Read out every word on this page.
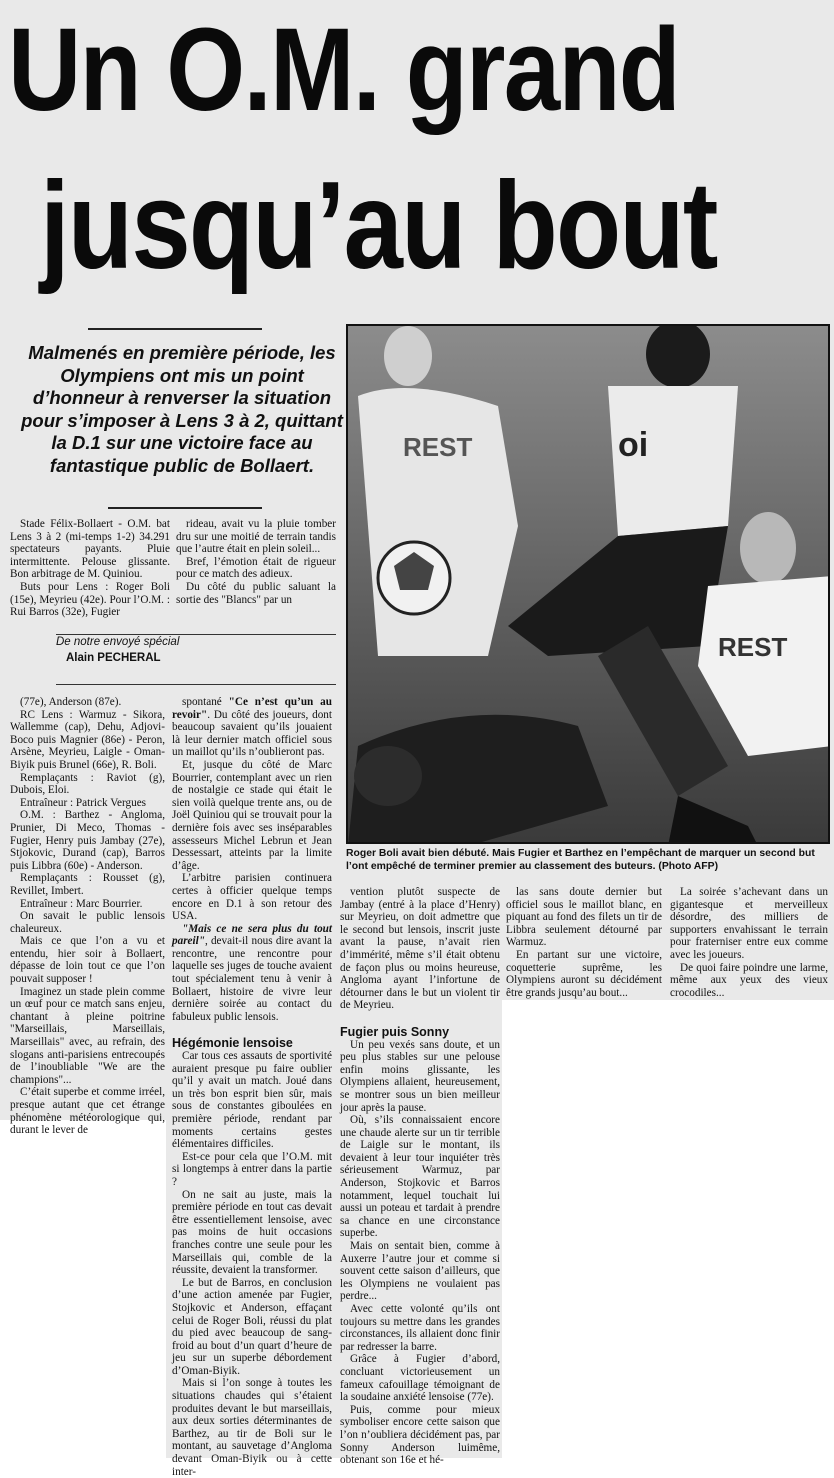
Un O.M. grand
jusqu’au bout

Malmenés en première période, les Olympiens ont mis un point d’honneur à renverser la situation pour s’imposer à Lens 3 à 2, quittant la D.1 sur une victoire face au fantastique public de Bollaert.

Stade Félix-Bollaert - O.M. bat Lens 3 à 2 (mi-temps 1-2) 34.291 spectateurs payants. Pluie intermittente. Pelouse glissante. Bon arbitrage de M. Quiniou.

Buts pour Lens : Roger Boli (15e), Meyrieu (42e). Pour l’O.M. : Rui Barros (32e), Fugier

rideau, avait vu la pluie tomber dru sur une moitié de terrain tandis que l’autre était en plein soleil...

Bref, l’émotion était de rigueur pour ce match des adieux.

Du côté du public saluant la sortie des "Blancs" par un

De notre envoyé spécial

Alain PECHERAL

(77e), Anderson (87e).

RC Lens : Warmuz - Sikora, Wallemme (cap), Dehu, Adjovi-Boco puis Magnier (86e) - Peron, Arsène, Meyrieu, Laigle - Oman-Biyik puis Brunel (66e), R. Boli.

Remplaçants : Raviot (g), Dubois, Eloi.

Entraîneur : Patrick Vergues

O.M. : Barthez - Angloma, Prunier, Di Meco, Thomas - Fugier, Henry puis Jambay (27e), Stjokovic, Durand (cap), Barros puis Libbra (60e) - Anderson.

Remplaçants : Rousset (g), Revillet, Imbert.

Entraîneur : Marc Bourrier.

On savait le public lensois chaleureux.

Mais ce que l’on a vu et entendu, hier soir à Bollaert, dépasse de loin tout ce que l’on pouvait supposer !

Imaginez un stade plein comme un œuf pour ce match sans enjeu, chantant à pleine poitrine "Marseillais, Marseillais, Marseillais" avec, au refrain, des slogans anti-parisiens entrecoupés de l’inoubliable "We are the champions"...

C’était superbe et comme irréel, presque autant que cet étrange phénomène météorologique qui, durant le lever de

spontané "Ce n’est qu’un au revoir". Du côté des joueurs, dont beaucoup savaient qu’ils jouaient là leur dernier match officiel sous un maillot qu’ils n’oublieront pas.

Et, jusque du côté de Marc Bourrier, contemplant avec un rien de nostalgie ce stade qui était le sien voilà quelque trente ans, ou de Joël Quiniou qui se trouvait pour la dernière fois avec ses inséparables assesseurs Michel Lebrun et Jean Dessessart, atteints par la limite d’âge.

L’arbitre parisien continuera certes à officier quelque temps encore en D.1 à son retour des USA.

"Mais ce ne sera plus du tout pareil", devait-il nous dire avant la rencontre, une rencontre pour laquelle ses juges de touche avaient tout spécialement tenu à venir à Bollaert, histoire de vivre leur dernière soirée au contact du fabuleux public lensois.

Hégémonie lensoise

Car tous ces assauts de sportivité auraient presque pu faire oublier qu’il y avait un match. Joué dans un très bon esprit bien sûr, mais sous de constantes giboulées en première période, rendant par moments certains gestes élémentaires difficiles.

Est-ce pour cela que l’O.M. mit si longtemps à entrer dans la partie ?

On ne sait au juste, mais la première période en tout cas devait être essentiellement lensoise, avec pas moins de huit occasions franches contre une seule pour les Marseillais qui, comble de la réussite, devaient la transformer.

Le but de Barros, en conclusion d’une action amenée par Fugier, Stojkovic et Anderson, effaçant celui de Roger Boli, réussi du plat du pied avec beaucoup de sang-froid au bout d’un quart d’heure de jeu sur un superbe débordement d’Oman-Biyik.

Mais si l’on songe à toutes les situations chaudes qui s’étaient produites devant le but marseillais, aux deux sorties déterminantes de Barthez, au tir de Boli sur le montant, au sauvetage d’Angloma devant Oman-Biyik ou à cette inter-

REST	oi
REST

Roger Boli avait bien débuté. Mais Fugier et Barthez en l’empêchant de marquer un second but l’ont empêché de terminer premier au classement des buteurs. (Photo AFP)

vention plutôt suspecte de Jambay (entré à la place d’Henry) sur Meyrieu, on doit admettre que le second but lensois, inscrit juste avant la pause, n’avait rien d’immérité, même s’il était obtenu de façon plus ou moins heureuse, Angloma ayant l’infortune de détourner dans le but un violent tir de Meyrieu.

Fugier puis Sonny

Un peu vexés sans doute, et un peu plus stables sur une pelouse enfin moins glissante, les Olympiens allaient, heureusement, se montrer sous un bien meilleur jour après la pause.

Où, s’ils connaissaient encore une chaude alerte sur un tir terrible de Laigle sur le montant, ils devaient à leur tour inquiéter très sérieusement Warmuz, par Anderson, Stojkovic et Barros notamment, lequel touchait lui aussi un poteau et tardait à prendre sa chance en une circonstance superbe.

Mais on sentait bien, comme à Auxerre l’autre jour et comme si souvent cette saison d’ailleurs, que les Olympiens ne voulaient pas perdre...

Avec cette volonté qu’ils ont toujours su mettre dans les grandes circonstances, ils allaient donc finir par redresser la barre.

Grâce à Fugier d’abord, concluant victorieusement un fameux cafouillage témoignant de la soudaine anxiété lensoise (77e).

Puis, comme pour mieux symboliser encore cette saison que l’on n’oubliera décidément pas, par Sonny Anderson luimême, obtenant son 16e et hé-

las sans doute dernier but officiel sous le maillot blanc, en piquant au fond des filets un tir de Libbra seulement détourné par Warmuz.

En partant sur une victoire, coquetterie suprême, les Olympiens auront su décidément être grands jusqu’au bout...

La soirée s’achevant dans un gigantesque et merveilleux désordre, des milliers de supporters envahissant le terrain pour fraterniser entre eux comme avec les joueurs.

De quoi faire poindre une larme, même aux yeux des vieux crocodiles...
